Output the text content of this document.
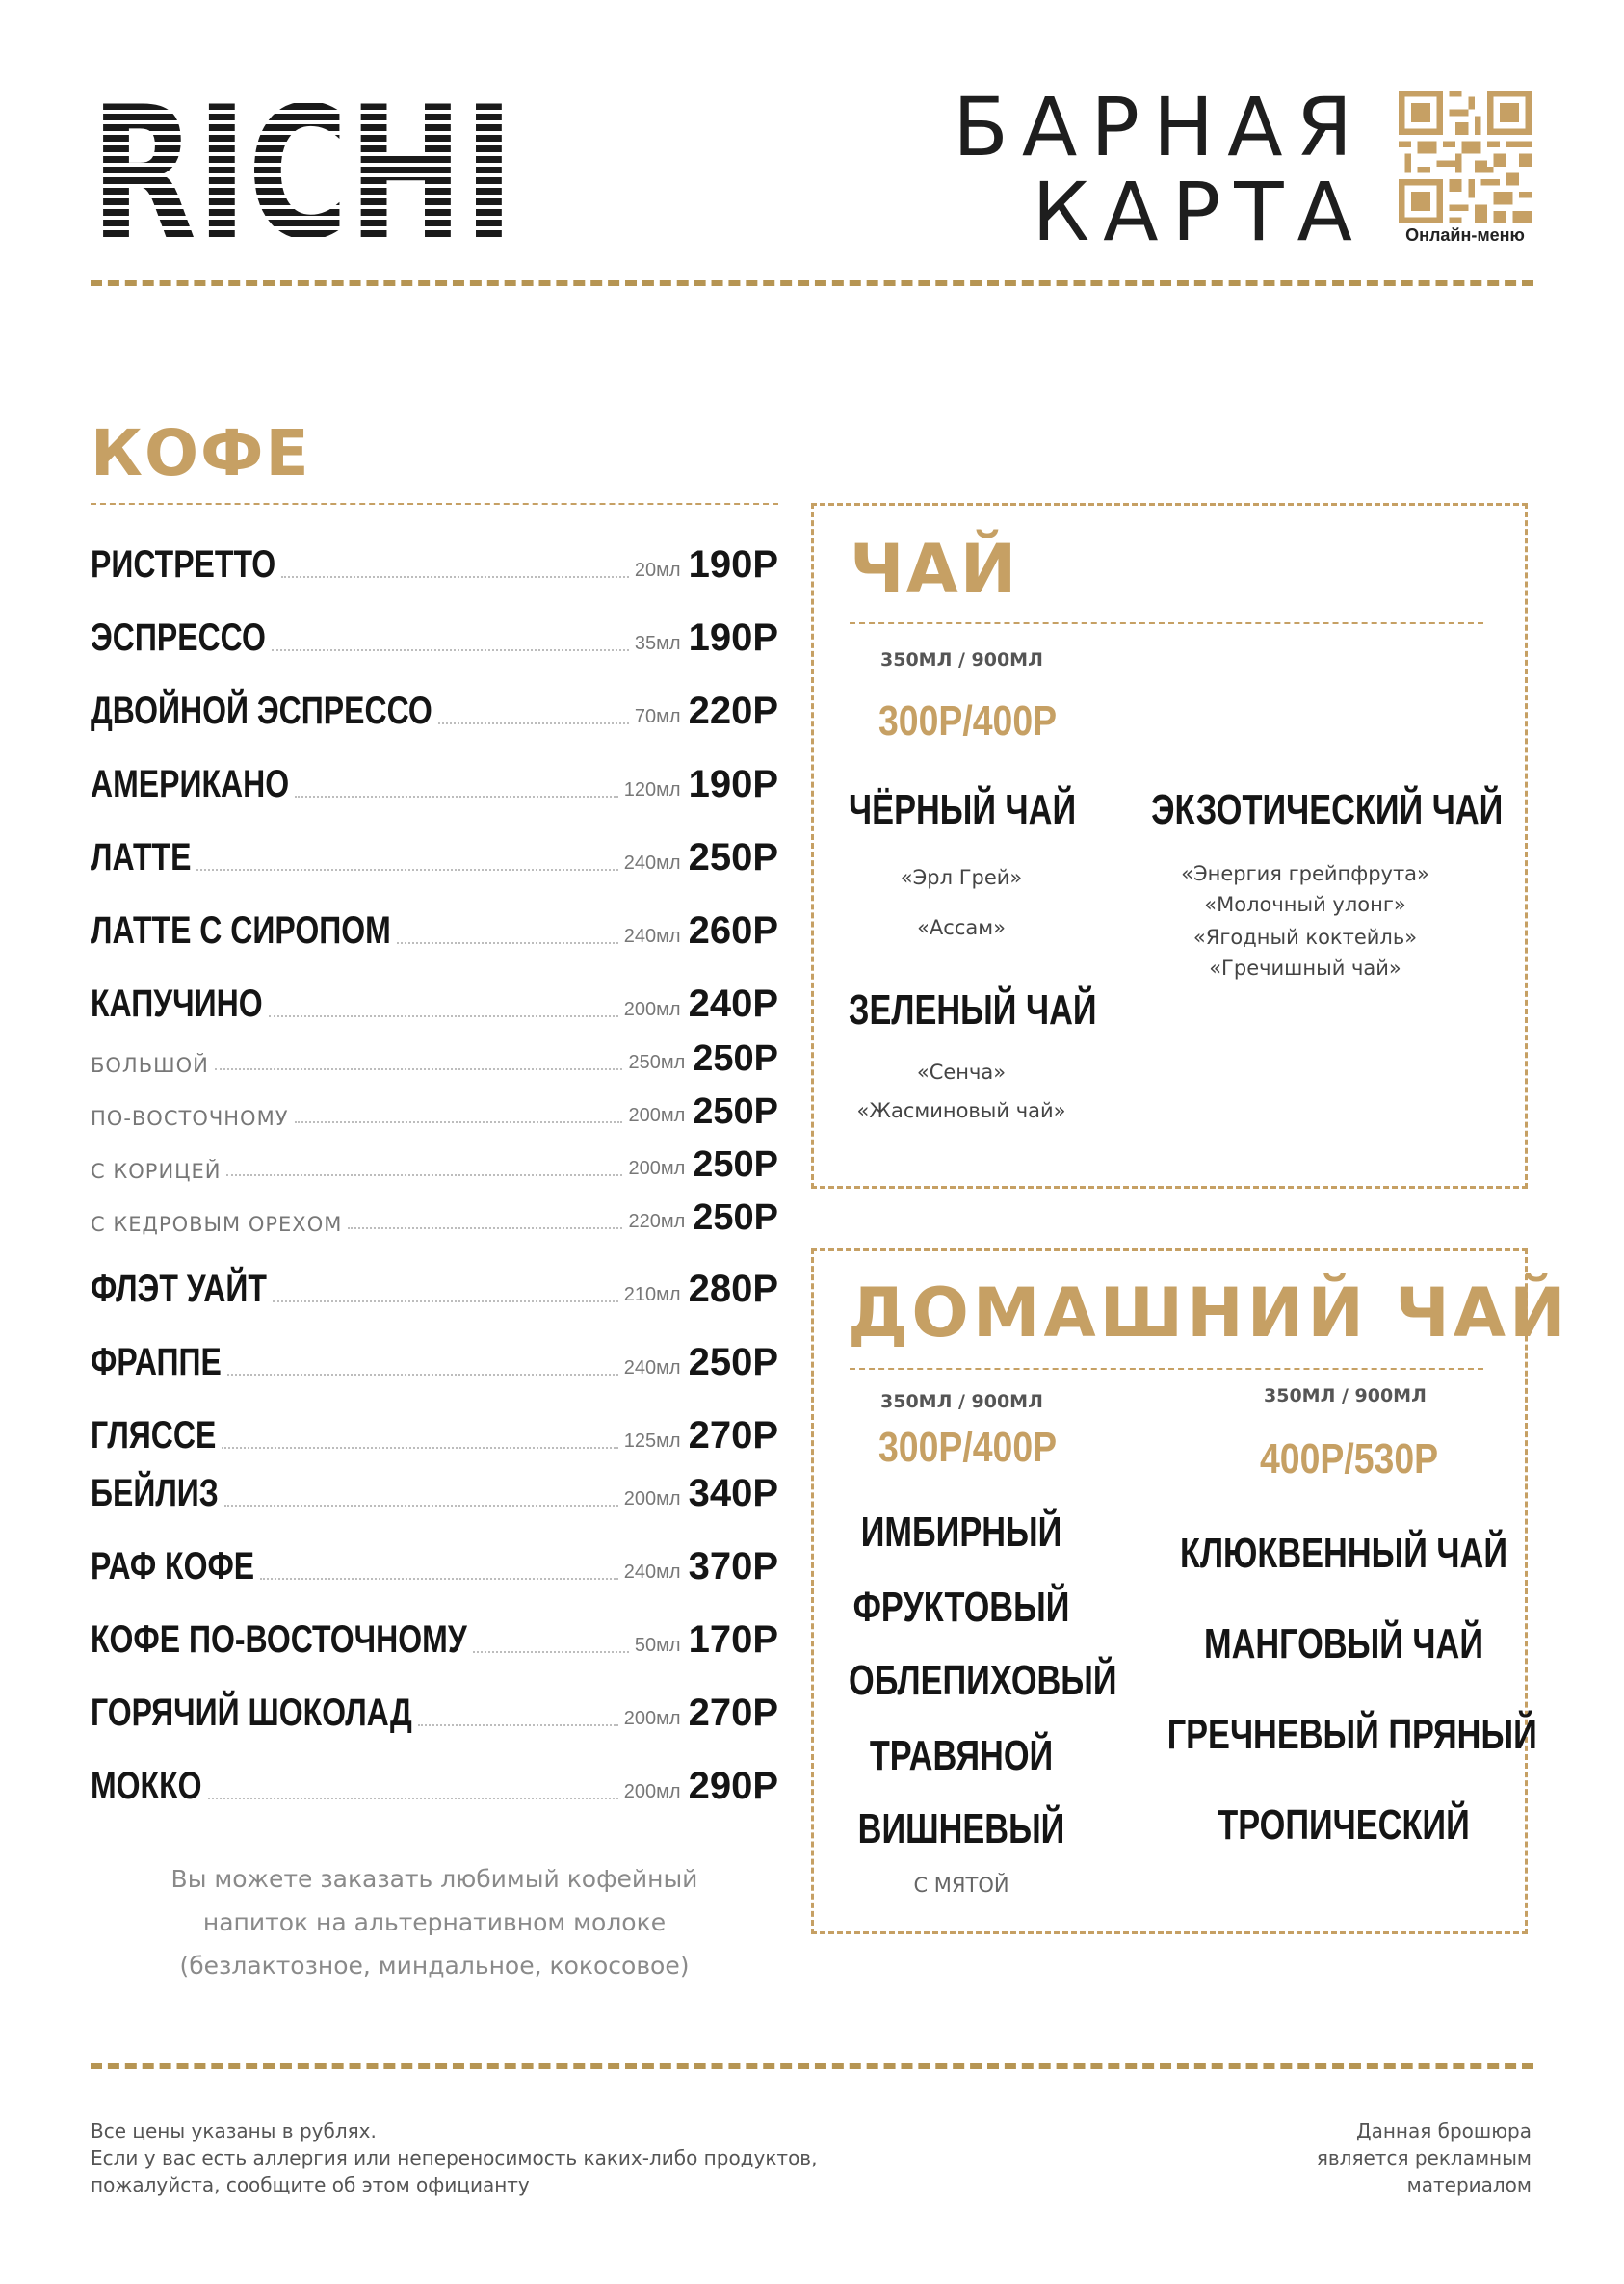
БАРНАЯ
КАРТА	Онлайн-меню
КОФЕ
РИСТРЕТТО	20мл 190Р
ЭСПРЕССО	35мл 190Р
ДВОЙНОЙ ЭСПРЕССО	70мл 220Р
АМЕРИКАНО	120мл 190Р
ЛАТТЕ	240мл 250Р
ЛАТТЕ С СИРОПОМ	240мл 260Р
КАПУЧИНО	200мл 240Р
БОЛЬШОЙ	250мл 250Р
ПО-ВОСТОЧНОМУ	200мл 250Р
С КОРИЦЕЙ	200мл 250Р
С КЕДРОВЫМ ОРЕХОМ	220мл 250Р
ФЛЭТ УАЙТ	210мл 280Р
ФРАППЕ	240мл 250Р
ГЛЯССЕ	125мл 270Р
БЕЙЛИЗ	200мл 340Р
РАФ КОФЕ	240мл 370Р
КОФЕ ПО-ВОСТОЧНОМУ	50мл 170Р
ГОРЯЧИЙ ШОКОЛАД	200мл 270Р
МОККО	200мл 290Р
Вы можете заказать любимый кофейный
напиток на альтернативном молоке
(безлактозное, миндальное, кокосовое)
ЧАЙ
350МЛ / 900МЛ
300Р/400Р
ЧЁРНЫЙ ЧАЙ
«Эрл Грей»
«Ассам»
ЗЕЛЕНЫЙ ЧАЙ
«Сенча»
«Жасминовый чай»
ЭКЗОТИЧЕСКИЙ ЧАЙ
«Энергия грейпфрута»
«Молочный улонг»
«Ягодный коктейль»
«Гречишный чай»
ДОМАШНИЙ ЧАЙ
350МЛ / 900МЛ
300Р/400Р
ИМБИРНЫЙ
ФРУКТОВЫЙ
ОБЛЕПИХОВЫЙ
ТРАВЯНОЙ
ВИШНЕВЫЙ
С МЯТОЙ
350МЛ / 900МЛ
400Р/530Р
КЛЮКВЕННЫЙ ЧАЙ
МАНГОВЫЙ ЧАЙ
ГРЕЧНЕВЫЙ ПРЯНЫЙ
ТРОПИЧЕСКИЙ
Все цены указаны в рублях.
Если у вас есть аллергия или непереносимость каких-либо продуктов,
пожалуйста, сообщите об этом официанту
Данная брошюра
является рекламным
материалом
